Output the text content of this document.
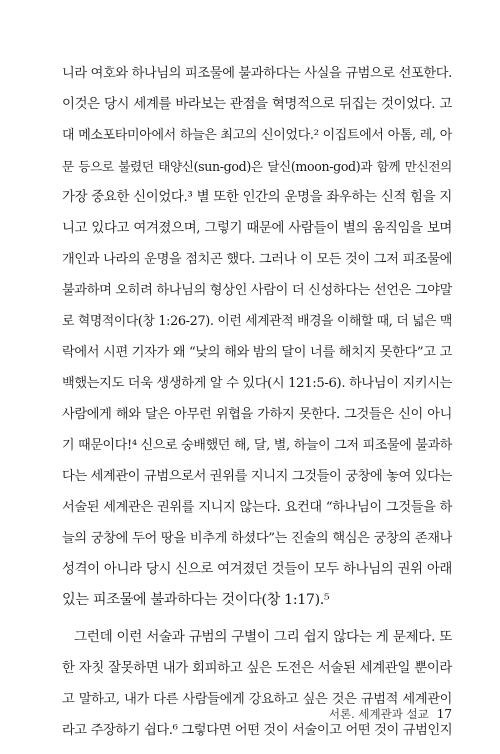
니라 여호와 하나님의 피조물에 불과하다는 사실을 규범으로 선포한다.
이것은 당시 세계를 바라보는 관점을 혁명적으로 뒤집는 것이었다. 고
대 메소포타미아에서 하늘은 최고의 신이었다.² 이집트에서 아톰, 레, 아
문 등으로 불렸던 태양신(sun-god)은 달신(moon-god)과 함께 만신전의
가장 중요한 신이었다.³ 별 또한 인간의 운명을 좌우하는 신적 힘을 지
니고 있다고 여겨졌으며, 그렇기 때문에 사람들이 별의 움직임을 보며
개인과 나라의 운명을 점치곤 했다. 그러나 이 모든 것이 그저 피조물에
불과하며 오히려 하나님의 형상인 사람이 더 신성하다는 선언은 그야말
로 혁명적이다(창 1:26-27). 이런 세계관적 배경을 이해할 때, 더 넓은 맥
락에서 시편 기자가 왜 “낮의 해와 밤의 달이 너를 해치지 못한다”고 고
백했는지도 더욱 생생하게 알 수 있다(시 121:5-6). 하나님이 지키시는
사람에게 해와 달은 아무런 위협을 가하지 못한다. 그것들은 신이 아니
기 때문이다!⁴ 신으로 숭배했던 해, 달, 별, 하늘이 그저 피조물에 불과하
다는 세계관이 규범으로서 권위를 지니지 그것들이 궁창에 놓여 있다는
서술된 세계관은 권위를 지니지 않는다. 요컨대 “하나님이 그것들을 하
늘의 궁창에 두어 땅을 비추게 하셨다”는 진술의 핵심은 궁창의 존재나
성격이 아니라 당시 신으로 여겨졌던 것들이 모두 하나님의 권위 아래
있는 피조물에 불과하다는 것이다(창 1:17).⁵
그런데 이런 서술과 규범의 구별이 그리 쉽지 않다는 게 문제다. 또
한 자칫 잘못하면 내가 회피하고 싶은 도전은 서술된 세계관일 뿐이라
고 말하고, 내가 다른 사람들에게 강요하고 싶은 것은 규범적 세계관이
라고 주장하기 쉽다.⁶ 그렇다면 어떤 것이 서술이고 어떤 것이 규범인지
서론. 세계관과 설교 17
